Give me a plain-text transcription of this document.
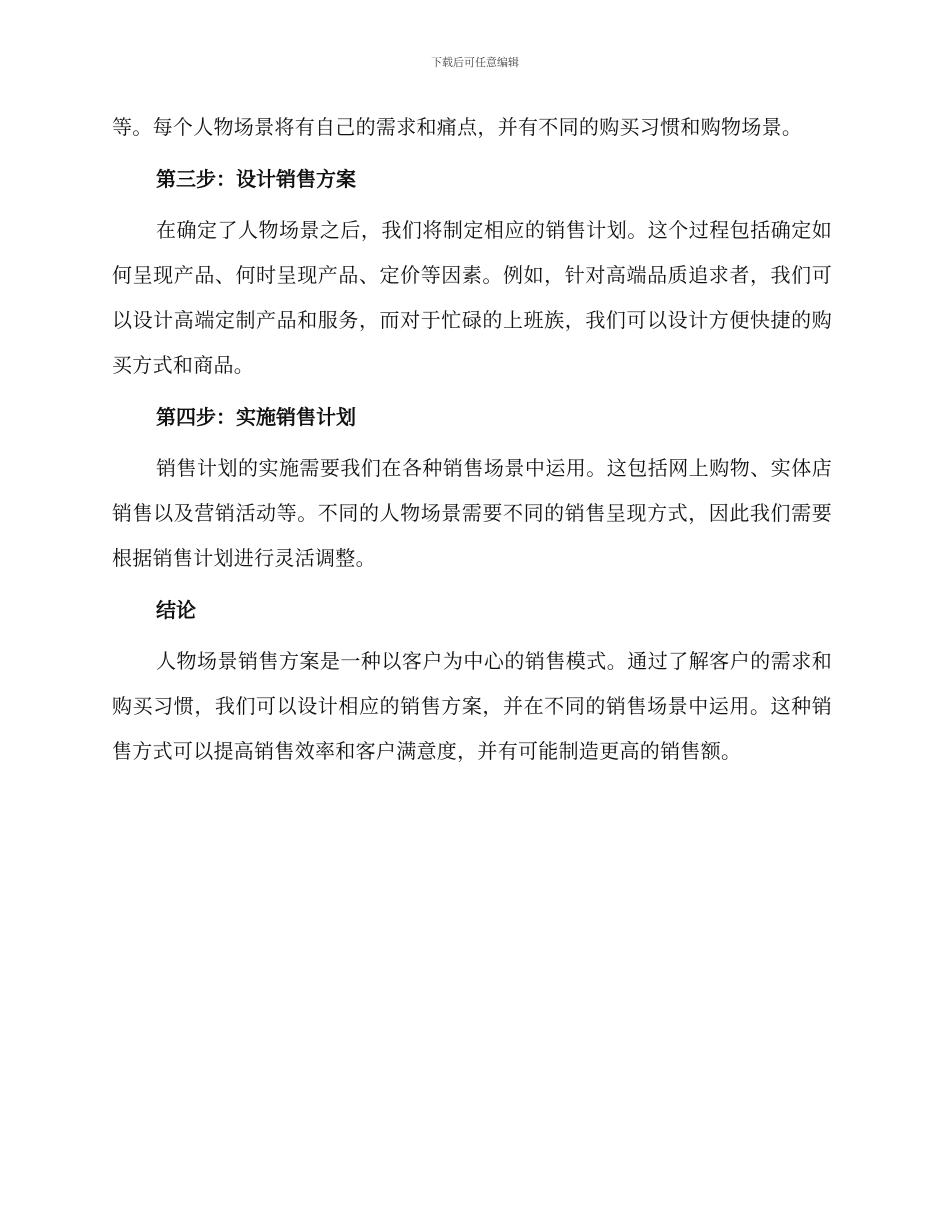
下载后可任意编辑

等。每个人物场景将有自己的需求和痛点，并有不同的购买习惯和购物场景。

第三步：设计销售方案

在确定了人物场景之后，我们将制定相应的销售计划。这个过程包括确定如何呈现产品、何时呈现产品、定价等因素。例如，针对高端品质追求者，我们可以设计高端定制产品和服务，而对于忙碌的上班族，我们可以设计方便快捷的购买方式和商品。

第四步：实施销售计划

销售计划的实施需要我们在各种销售场景中运用。这包括网上购物、实体店销售以及营销活动等。不同的人物场景需要不同的销售呈现方式，因此我们需要根据销售计划进行灵活调整。

结论

人物场景销售方案是一种以客户为中心的销售模式。通过了解客户的需求和购买习惯，我们可以设计相应的销售方案，并在不同的销售场景中运用。这种销售方式可以提高销售效率和客户满意度，并有可能制造更高的销售额。
